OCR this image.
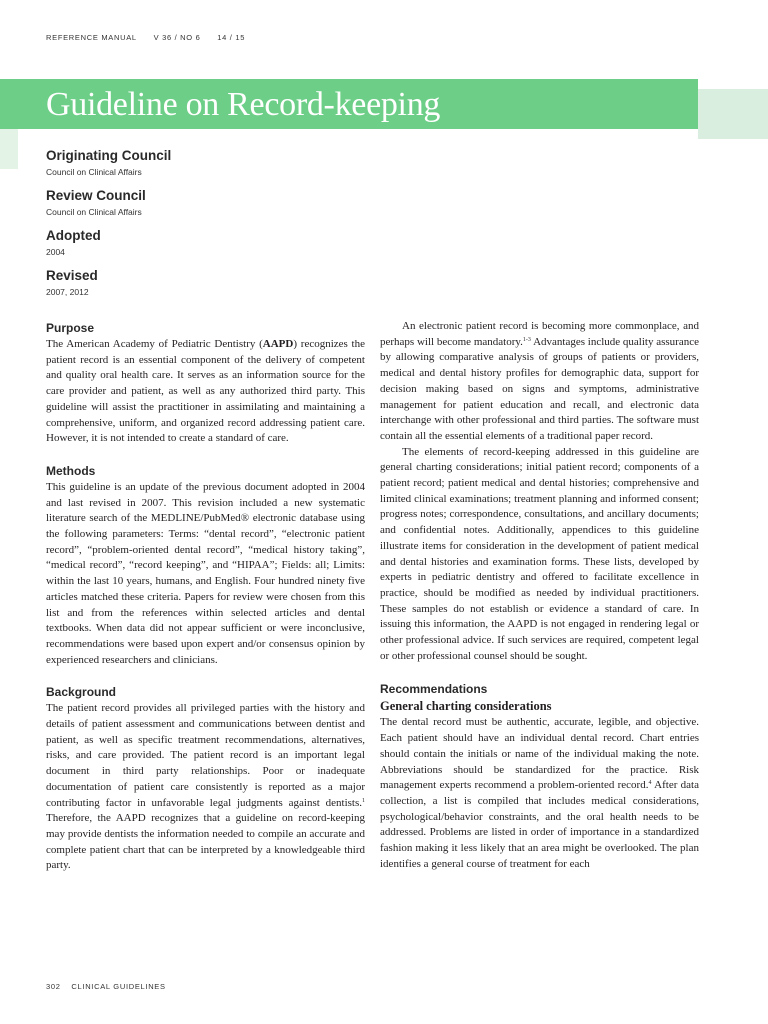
REFERENCE MANUAL V 36 / NO 6 14 / 15
Guideline on Record-keeping
Originating Council
Council on Clinical Affairs
Review Council
Council on Clinical Affairs
Adopted
2004
Revised
2007, 2012
Purpose

The American Academy of Pediatric Dentistry (AAPD) recognizes the patient record is an essential component of the delivery of competent and quality oral health care. It serves as an information source for the care provider and patient, as well as any authorized third party. This guideline will assist the practitioner in assimilating and maintaining a comprehensive, uniform, and organized record addressing patient care. However, it is not intended to create a standard of care.

Methods

This guideline is an update of the previous document adopted in 2004 and last revised in 2007. This revision included a new systematic literature search of the MEDLINE/PubMed® electronic database using the following parameters: Terms: “dental record”, “electronic patient record”, “problem-oriented dental record”, “medical history taking”, “medical record”, “record keeping”, and “HIPAA”; Fields: all; Limits: within the last 10 years, humans, and English. Four hundred ninety five articles matched these criteria. Papers for review were chosen from this list and from the references within selected articles and dental textbooks. When data did not appear sufficient or were inconclusive, recommendations were based upon expert and/or consensus opinion by experienced researchers and clinicians.

Background

The patient record provides all privileged parties with the history and details of patient assessment and communications between dentist and patient, as well as specific treatment recommendations, alternatives, risks, and care provided. The patient record is an important legal document in third party relationships. Poor or inadequate documentation of patient care consistently is reported as a major contributing factor in unfavorable legal judgments against dentists.$^1$ Therefore, the AAPD recognizes that a guideline on record-keeping may provide dentists the information needed to compile an accurate and complete patient chart that can be interpreted by a knowledgeable third party.

An electronic patient record is becoming more commonplace, and perhaps will become mandatory.$^{1-3}$ Advantages include quality assurance by allowing comparative analysis of groups of patients or providers, medical and dental history profiles for demographic data, support for decision making based on signs and symptoms, administrative management for patient education and recall, and electronic data interchange with other professional and third parties. The software must contain all the essential elements of a traditional paper record.

The elements of record-keeping addressed in this guideline are general charting considerations; initial patient record; components of a patient record; patient medical and dental histories; comprehensive and limited clinical examinations; treatment planning and informed consent; progress notes; correspondence, consultations, and ancillary documents; and confidential notes. Additionally, appendices to this guideline illustrate items for consideration in the development of patient medical and dental histories and examination forms. These lists, developed by experts in pediatric dentistry and offered to facilitate excellence in practice, should be modified as needed by individual practitioners. These samples do not establish or evidence a standard of care. In issuing this information, the AAPD is not engaged in rendering legal or other professional advice. If such services are required, competent legal or other professional counsel should be sought.

Recommendations
General charting considerations

The dental record must be authentic, accurate, legible, and objective. Each patient should have an individual dental record. Chart entries should contain the initials or name of the individual making the note. Abbreviations should be standardized for the practice. Risk management experts recommend a problem-oriented record.$^4$ After data collection, a list is compiled that includes medical considerations, psychological/behavior constraints, and the oral health needs to be addressed. Problems are listed in order of importance in a standardized fashion making it less likely that an area might be overlooked. The plan identifies a general course of treatment for each

302 CLINICAL GUIDELINES
